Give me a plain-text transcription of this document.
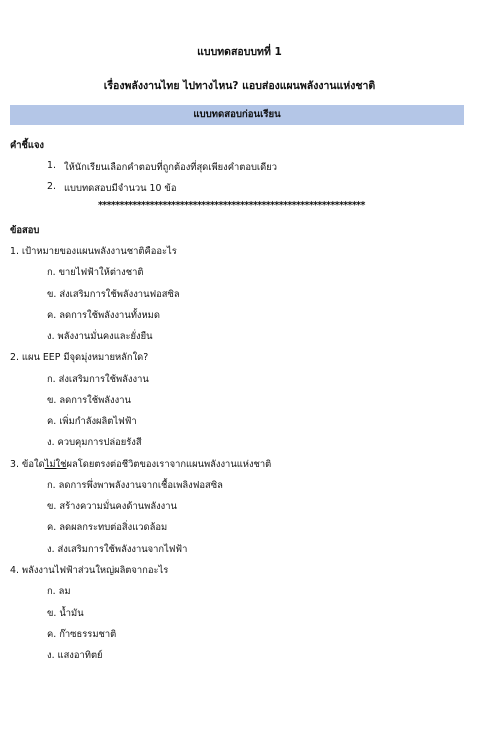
แบบทดสอบบทที่ 1
เรื่องพลังงานไทย ไปทางไหน? แอบส่องแผนพลังงานแห่งชาติ
แบบทดสอบก่อนเรียน
คำชี้แจง
1. ให้นักเรียนเลือกคำตอบที่ถูกต้องที่สุดเพียงคำตอบเดียว
2. แบบทดสอบมีจำนวน 10 ข้อ
**************************************************************
ข้อสอบ
1. เป้าหมายของแผนพลังงานชาติคืออะไร
ก. ขายไฟฟ้าให้ต่างชาติ
ข. ส่งเสริมการใช้พลังงานฟอสซิล
ค. ลดการใช้พลังงานทั้งหมด
ง. พลังงานมั่นคงและยั่งยืน
2. แผน EEP มีจุดมุ่งหมายหลักใด?
ก. ส่งเสริมการใช้พลังงาน
ข. ลดการใช้พลังงาน
ค. เพิ่มกำลังผลิตไฟฟ้า
ง. ควบคุมการปล่อยรังสี
3. ข้อใดไม่ใช่ผลโดยตรงต่อชีวิตของเราจากแผนพลังงานแห่งชาติ
ก. ลดการพึ่งพาพลังงานจากเชื้อเพลิงฟอสซิล
ข. สร้างความมั่นคงด้านพลังงาน
ค. ลดผลกระทบต่อสิ่งแวดล้อม
ง. ส่งเสริมการใช้พลังงานจากไฟฟ้า
4. พลังงานไฟฟ้าส่วนใหญ่ผลิตจากอะไร
ก. ลม
ข. น้ำมัน
ค. ก๊าซธรรมชาติ
ง. แสงอาทิตย์
